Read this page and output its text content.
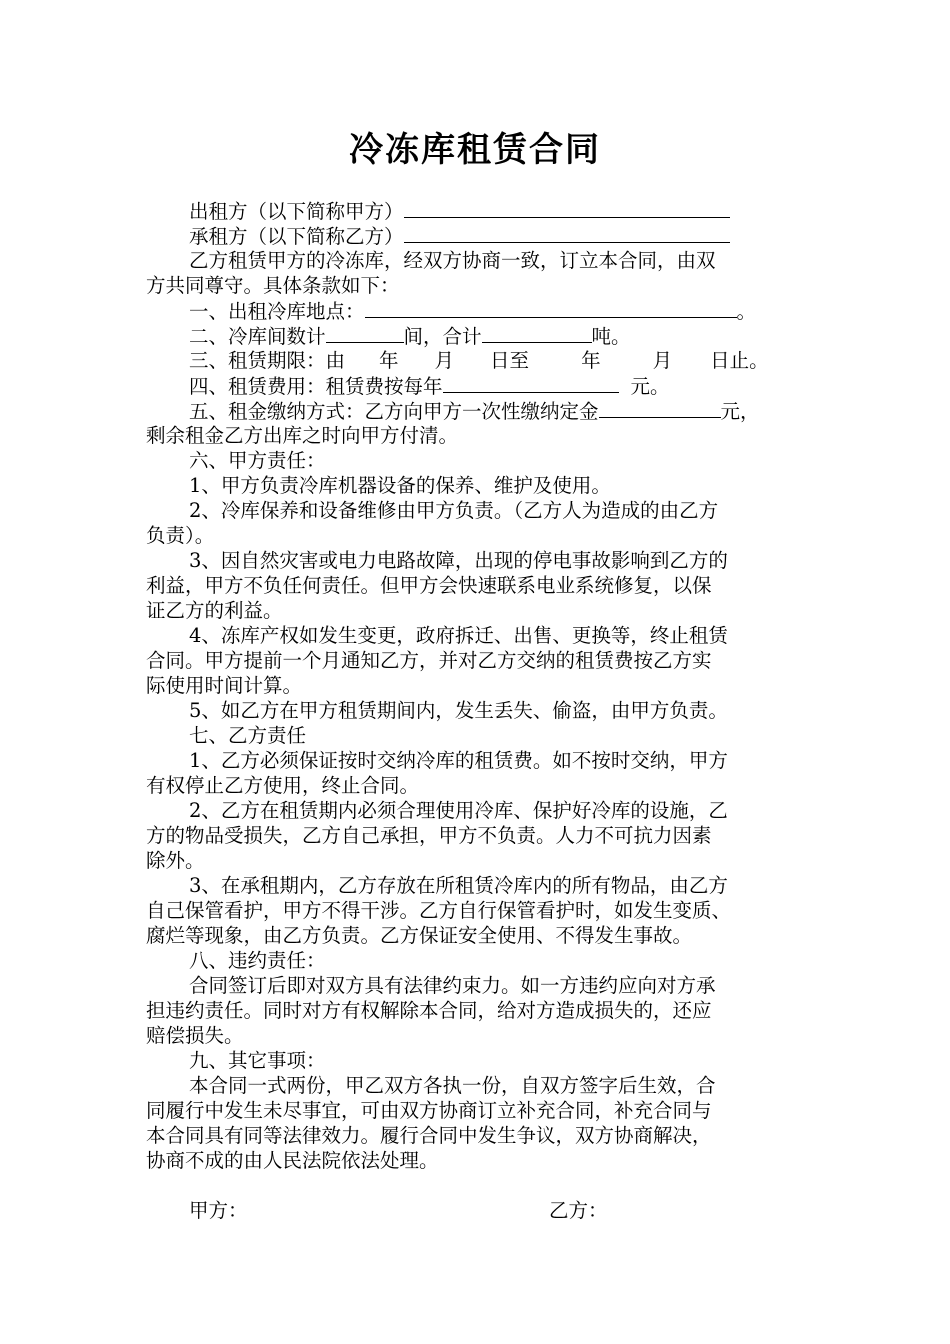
冷冻库租赁合同
出租方（以下简称甲方）
承租方（以下简称乙方）
乙方租赁甲方的冷冻库，经双方协商一致，订立本合同，由双
方共同尊守。具体条款如下：
一、出租冷库地点：	。
二、冷库间数计	间，合计	吨。
三、租赁期限：由 年 月 日至	年	月 日止。
四、租赁费用：租赁费按每年	元。
五、租金缴纳方式：乙方向甲方一次性缴纳定金	元，
剩余租金乙方出库之时向甲方付清。
六、甲方责任：
1、甲方负责冷库机器设备的保养、维护及使用。
2、冷库保养和设备维修由甲方负责。（乙方人为造成的由乙方
负责）。
3、因自然灾害或电力电路故障，出现的停电事故影响到乙方的
利益，甲方不负任何责任。但甲方会快速联系电业系统修复，以保
证乙方的利益。
4、冻库产权如发生变更，政府拆迁、出售、更换等，终止租赁
合同。甲方提前一个月通知乙方，并对乙方交纳的租赁费按乙方实
际使用时间计算。
5、如乙方在甲方租赁期间内，发生丢失、偷盗，由甲方负责。
七、乙方责任
1、乙方必须保证按时交纳冷库的租赁费。如不按时交纳，甲方
有权停止乙方使用，终止合同。
2、乙方在租赁期内必须合理使用冷库、保护好冷库的设施，乙
方的物品受损失，乙方自己承担，甲方不负责。人力不可抗力因素
除外。
3、在承租期内，乙方存放在所租赁冷库内的所有物品，由乙方
自己保管看护，甲方不得干涉。乙方自行保管看护时，如发生变质、
腐烂等现象，由乙方负责。乙方保证安全使用、不得发生事故。
八、违约责任：
合同签订后即对双方具有法律约束力。如一方违约应向对方承
担违约责任。同时对方有权解除本合同，给对方造成损失的，还应
赔偿损失。
九、其它事项：
本合同一式两份，甲乙双方各执一份，自双方签字后生效，合
同履行中发生未尽事宜，可由双方协商订立补充合同，补充合同与
本合同具有同等法律效力。履行合同中发生争议，双方协商解决，
协商不成的由人民法院依法处理。
甲方：	乙方：
